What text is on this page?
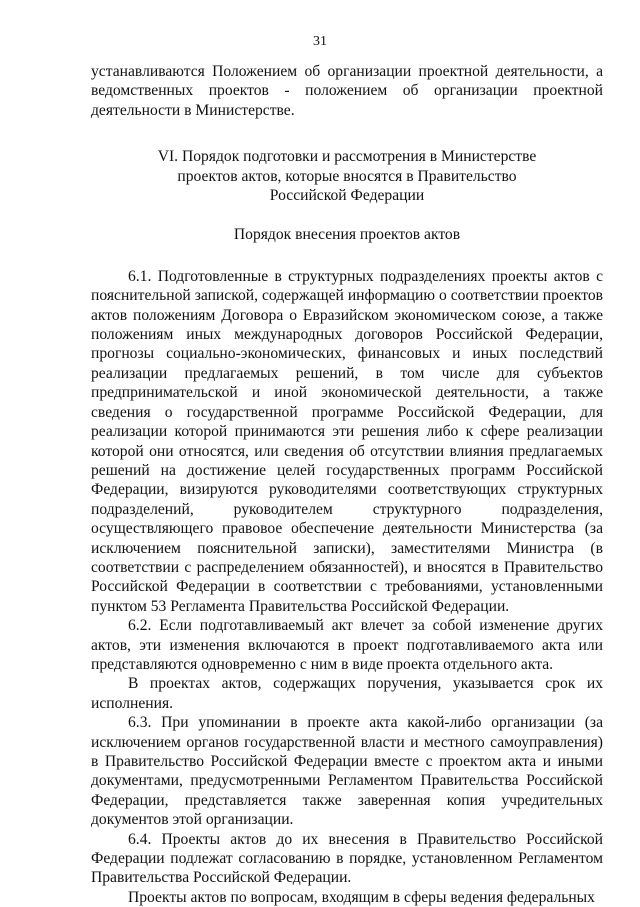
31

устанавливаются Положением об организации проектной деятельности, а ведомственных проектов - положением об организации проектной деятельности в Министерстве.

VI. Порядок подготовки и рассмотрения в Министерстве
проектов актов, которые вносятся в Правительство
Российской Федерации
Порядок внесения проектов актов

6.1. Подготовленные в структурных подразделениях проекты актов с пояснительной запиской, содержащей информацию о соответствии проектов актов положениям Договора о Евразийском экономическом союзе, а также положениям иных международных договоров Российской Федерации, прогнозы социально-экономических, финансовых и иных последствий реализации предлагаемых решений, в том числе для субъектов предпринимательской и иной экономической деятельности, а также сведения о государственной программе Российской Федерации, для реализации которой принимаются эти решения либо к сфере реализации которой они относятся, или сведения об отсутствии влияния предлагаемых решений на достижение целей государственных программ Российской Федерации, визируются руководителями соответствующих структурных подразделений, руководителем структурного подразделения, осуществляющего правовое обеспечение деятельности Министерства (за исключением пояснительной записки), заместителями Министра (в соответствии с распределением обязанностей), и вносятся в Правительство Российской Федерации в соответствии с требованиями, установленными пунктом 53 Регламента Правительства Российской Федерации.

6.2. Если подготавливаемый акт влечет за собой изменение других актов, эти изменения включаются в проект подготавливаемого акта или представляются одновременно с ним в виде проекта отдельного акта.

В проектах актов, содержащих поручения, указывается срок их исполнения.

6.3. При упоминании в проекте акта какой-либо организации (за исключением органов государственной власти и местного самоуправления) в Правительство Российской Федерации вместе с проектом акта и иными документами, предусмотренными Регламентом Правительства Российской Федерации, представляется также заверенная копия учредительных документов этой организации.

6.4. Проекты актов до их внесения в Правительство Российской Федерации подлежат согласованию в порядке, установленном Регламентом Правительства Российской Федерации.

Проекты актов по вопросам, входящим в сферы ведения федеральных
